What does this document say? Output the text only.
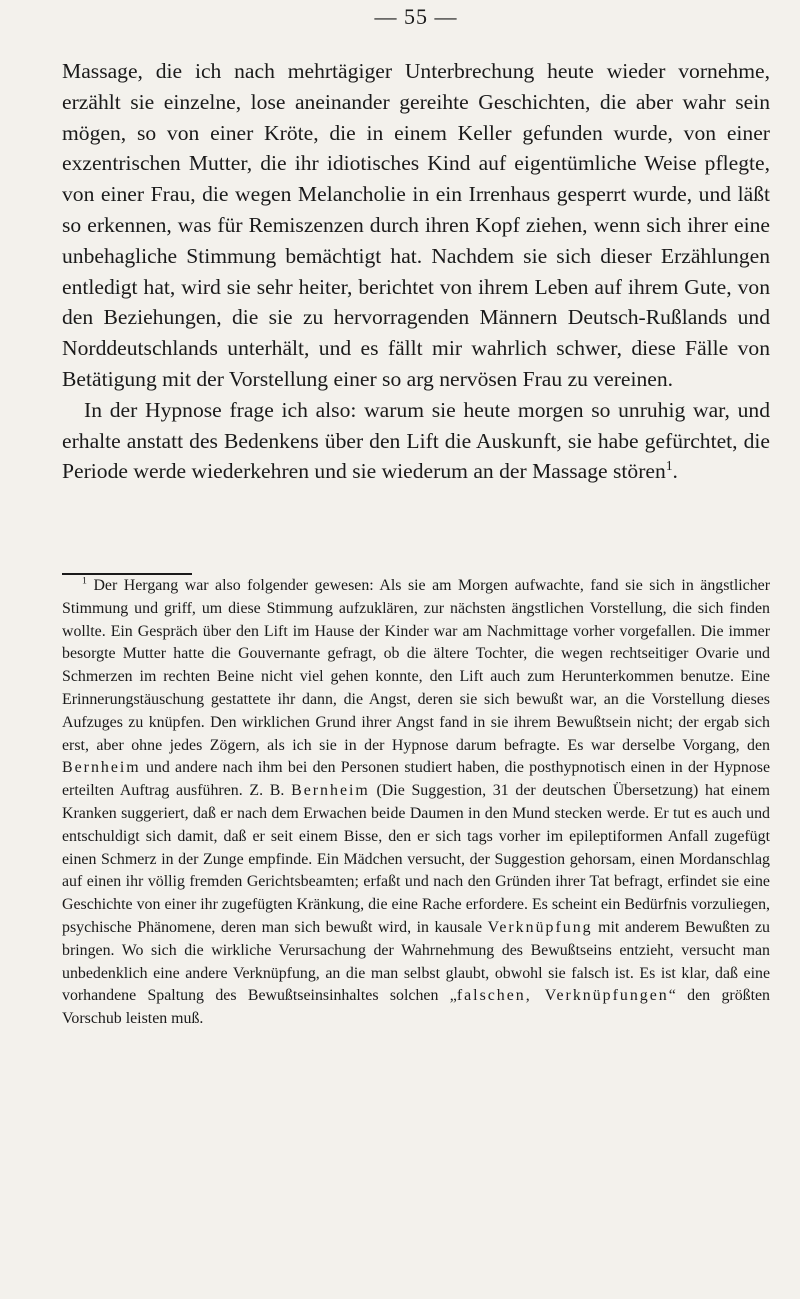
— 55 —

Massage, die ich nach mehrtägiger Unterbrechung heute wieder vornehme, erzählt sie einzelne, lose aneinander gereihte Geschichten, die aber wahr sein mögen, so von einer Kröte, die in einem Keller gefunden wurde, von einer exzentrischen Mutter, die ihr idiotisches Kind auf eigentümliche Weise pflegte, von einer Frau, die wegen Melancholie in ein Irrenhaus gesperrt wurde, und läßt so erkennen, was für Remiszenzen durch ihren Kopf ziehen, wenn sich ihrer eine unbehagliche Stimmung bemächtigt hat. Nachdem sie sich dieser Erzählungen entledigt hat, wird sie sehr heiter, berichtet von ihrem Leben auf ihrem Gute, von den Beziehungen, die sie zu hervorragenden Männern Deutsch-Rußlands und Norddeutschlands unterhält, und es fällt mir wahrlich schwer, diese Fälle von Betätigung mit der Vorstellung einer so arg nervösen Frau zu vereinen.

In der Hypnose frage ich also: warum sie heute morgen so unruhig war, und erhalte anstatt des Bedenkens über den Lift die Auskunft, sie habe gefürchtet, die Periode werde wiederkehren und sie wiederum an der Massage stören$^1$.

$^1$ Der Hergang war also folgender gewesen: Als sie am Morgen aufwachte, fand sie sich in ängstlicher Stimmung und griff, um diese Stimmung aufzuklären, zur nächsten ängstlichen Vorstellung, die sich finden wollte. Ein Gespräch über den Lift im Hause der Kinder war am Nachmittage vorher vorgefallen. Die immer besorgte Mutter hatte die Gouvernante gefragt, ob die ältere Tochter, die wegen rechtseitiger Ovarie und Schmerzen im rechten Beine nicht viel gehen konnte, den Lift auch zum Herunterkommen benutze. Eine Erinnerungstäuschung gestattete ihr dann, die Angst, deren sie sich bewußt war, an die Vorstellung dieses Aufzuges zu knüpfen. Den wirklichen Grund ihrer Angst fand in sie ihrem Bewußtsein nicht; der ergab sich erst, aber ohne jedes Zögern, als ich sie in der Hypnose darum befragte. Es war derselbe Vorgang, den Bernheim und andere nach ihm bei den Personen studiert haben, die posthypnotisch einen in der Hypnose erteilten Auftrag ausführen. Z. B. Bernheim (Die Suggestion, 31 der deutschen Übersetzung) hat einem Kranken suggeriert, daß er nach dem Erwachen beide Daumen in den Mund stecken werde. Er tut es auch und entschuldigt sich damit, daß er seit einem Bisse, den er sich tags vorher im epileptiformen Anfall zugefügt einen Schmerz in der Zunge empfinde. Ein Mädchen versucht, der Suggestion gehorsam, einen Mordanschlag auf einen ihr völlig fremden Gerichtsbeamten; erfaßt und nach den Gründen ihrer Tat befragt, erfindet sie eine Geschichte von einer ihr zugefügten Kränkung, die eine Rache erfordere. Es scheint ein Bedürfnis vorzuliegen, psychische Phänomene, deren man sich bewußt wird, in kausale Verknüpfung mit anderem Bewußten zu bringen. Wo sich die wirkliche Verursachung der Wahrnehmung des Bewußtseins entzieht, versucht man unbedenklich eine andere Verknüpfung, an die man selbst glaubt, obwohl sie falsch ist. Es ist klar, daß eine vorhandene Spaltung des Bewußtseinsinhaltes solchen „falschen, Verknüpfungen“ den größten Vorschub leisten muß.
